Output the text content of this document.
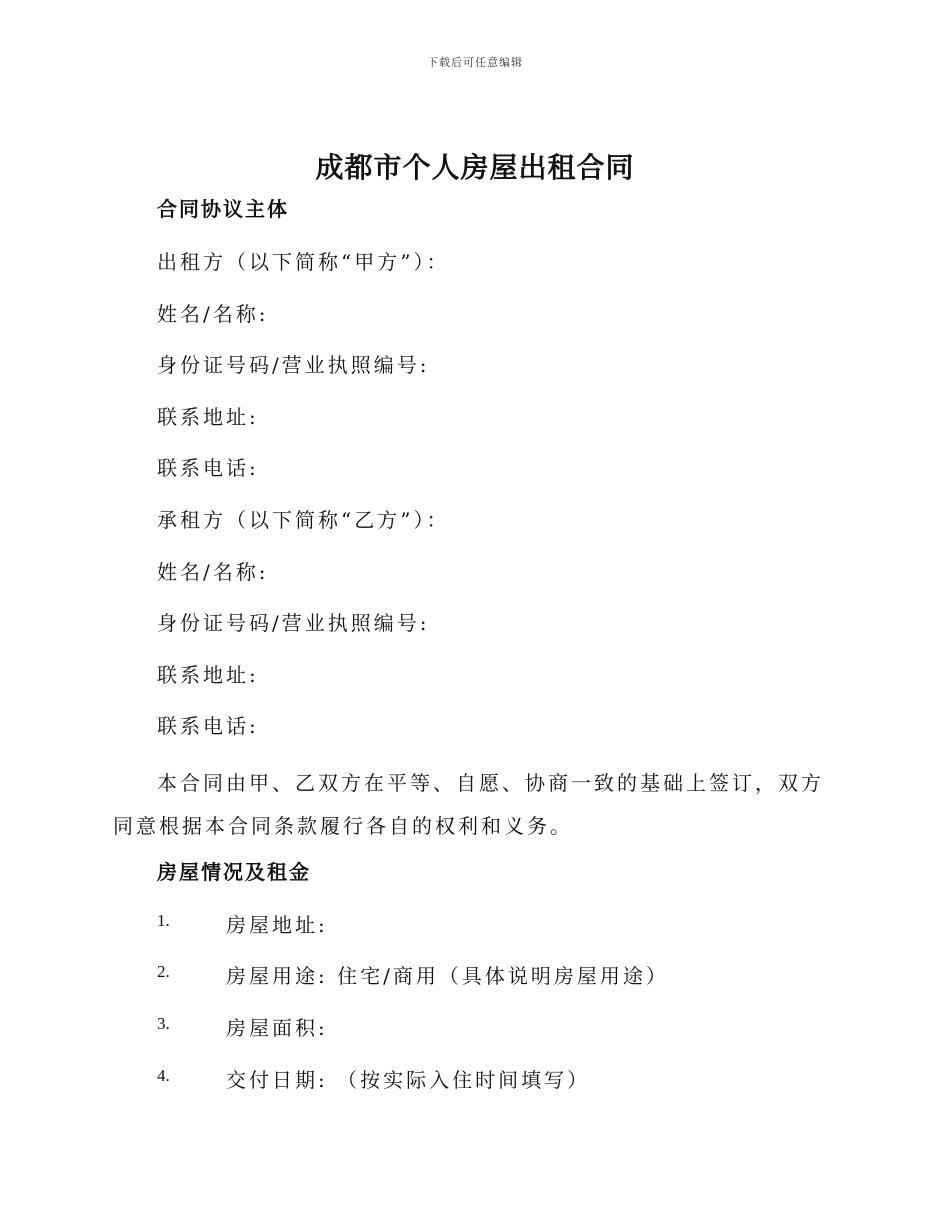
下载后可任意编辑
成都市个人房屋出租合同
合同协议主体
出租方（以下简称“甲方”）：
姓名/名称:
身份证号码/营业执照编号:
联系地址:
联系电话:
承租方（以下简称“乙方”）：
姓名/名称:
身份证号码/营业执照编号:
联系地址:
联系电话:

本合同由甲、乙双方在平等、自愿、协商一致的基础上签订，双方同意根据本合同条款履行各自的权利和义务。

房屋情况及租金
1.	房屋地址:
2.	房屋用途: 住宅/商用（具体说明房屋用途）
3.	房屋面积:
4.	交付日期: （按实际入住时间填写）
